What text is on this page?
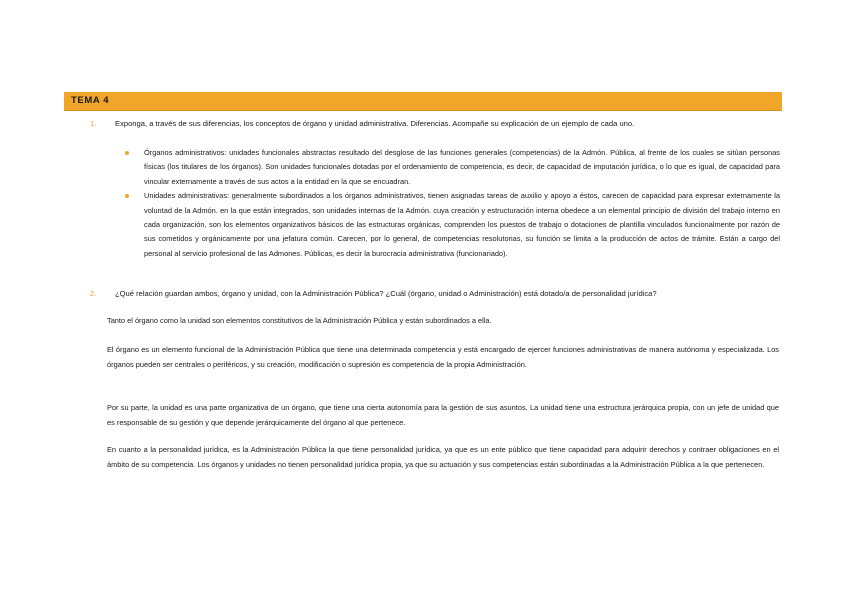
TEMA 4
1. Exponga, a través de sus diferencias, los conceptos de órgano y unidad administrativa. Diferencias. Acompañe su explicación de un ejemplo de cada uno.
Órganos administrativos: unidades funcionales abstractas resultado del desglose de las funciones generales (competencias) de la Admón. Pública, al frente de los cuales se sitúan personas físicas (los titulares de los órganos). Son unidades funcionales dotadas por el ordenamiento de competencia, es decir, de capacidad de imputación jurídica, o lo que es igual, de capacidad para vincular externamente a través de sus actos a la entidad en la que se encuadran.
Unidades administrativas: generalmente subordinados a los órganos administrativos, tienen asignadas tareas de auxilio y apoyo a éstos, carecen de capacidad para expresar externamente la voluntad de la Admón. en la que están integrados, son unidades internas de la Admón. cuya creación y estructuración interna obedece a un elemental principio de división del trabajo interno en cada organización, son los elementos organizativos básicos de las estructuras orgánicas, comprenden los puestos de trabajo o dotaciones de plantilla vinculados funcionalmente por razón de sus cometidos y orgánicamente por una jefatura común. Carecen, por lo general, de competencias resolutorias, su función se limita a la producción de actos de trámite. Están a cargo del personal al servicio profesional de las Admones. Públicas, es decir la burocracia administrativa (funcionariado).
2. ¿Qué relación guardan ambos, órgano y unidad, con la Administración Pública? ¿Cuál (órgano, unidad o Administración) está dotado/a de personalidad jurídica?
Tanto el órgano como la unidad son elementos constitutivos de la Administración Pública y están subordinados a ella.
El órgano es un elemento funcional de la Administración Pública que tiene una determinada competencia y está encargado de ejercer funciones administrativas de manera autónoma y especializada. Los órganos pueden ser centrales o periféricos, y su creación, modificación o supresión es competencia de la propia Administración.
Por su parte, la unidad es una parte organizativa de un órgano, que tiene una cierta autonomía para la gestión de sus asuntos. La unidad tiene una estructura jerárquica propia, con un jefe de unidad que es responsable de su gestión y que depende jerárquicamente del órgano al que pertenece.
En cuanto a la personalidad jurídica, es la Administración Pública la que tiene personalidad jurídica, ya que es un ente público que tiene capacidad para adquirir derechos y contraer obligaciones en el ámbito de su competencia. Los órganos y unidades no tienen personalidad jurídica propia, ya que su actuación y sus competencias están subordinadas a la Administración Pública a la que pertenecen.
